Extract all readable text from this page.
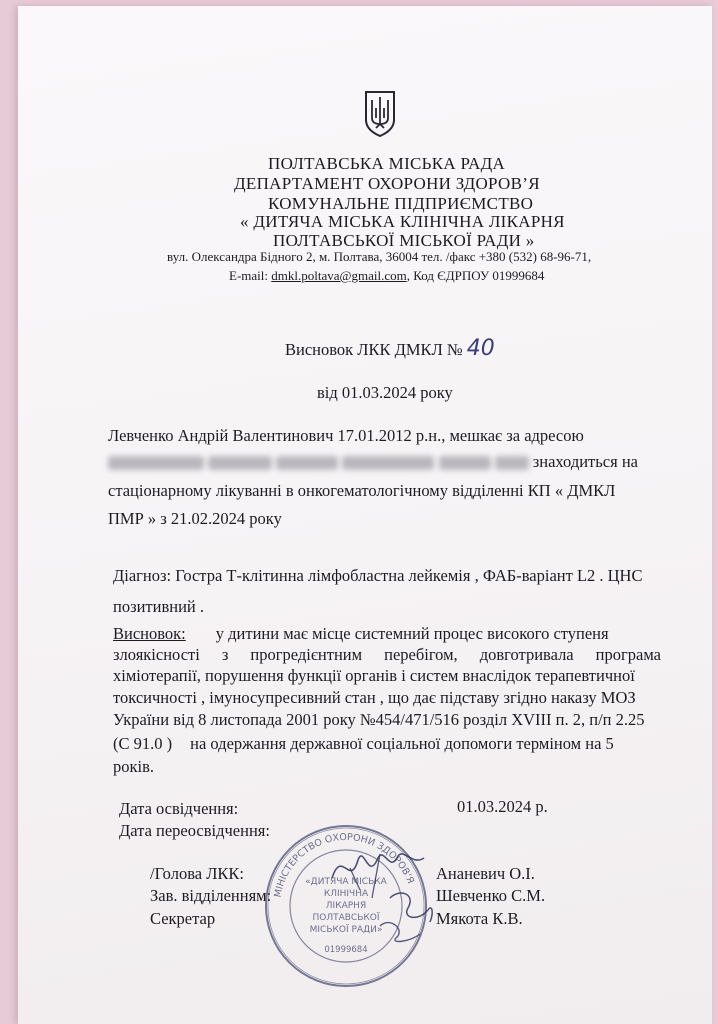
ПОЛТАВСЬКА МІСЬКА РАДА
ДЕПАРТАМЕНТ ОХОРОНИ ЗДОРОВ’Я
КОМУНАЛЬНЕ ПІДПРИЄМСТВО
« ДИТЯЧА МІСЬКА КЛІНІЧНА ЛІКАРНЯ
ПОЛТАВСЬКОЇ МІСЬКОЇ РАДИ »
вул. Олександра Бідного 2, м. Полтава, 36004 тел. /факс +380 (532) 68-96-71,
E-mail: dmkl.poltava@gmail.com, Код ЄДРПОУ 01999684
Висновок ЛКК ДМКЛ № 40
від 01.03.2024 року
Левченко Андрій Валентинович 17.01.2012 р.н., мешкає за адресою
знаходиться на
стаціонарному лікуванні в онкогематологічному відділенні КП « ДМКЛ
ПМР » з 21.02.2024 року
Діагноз: Гостра Т-клітинна лімфобластна лейкемія , ФАБ-варіант L2 . ЦНС
позитивний .
Висновок: у дитини має місце системний процес високого ступеня
злоякісності з прогредієнтним перебігом, довготривала програма
хіміотерапії, порушення функції органів і систем внаслідок терапевтичної
токсичності , імуносупресивний стан , що дає підставу згідно наказу МОЗ
України від 8 листопада 2001 року №454/471/516 розділ XVIII п. 2, п/п 2.25
(С 91.0 ) на одержання державної соціальної допомоги терміном на 5
років.
Дата освідчення:	01.03.2024 р.
Дата переосвідчення:
/Голова ЛКК:	Ананевич О.І.
Зав. відділенням:	Шевченко С.М.
Секретар	Мякота К.В.
МІНІСТЕРСТВО ОХОРОНИ ЗДОРОВ'Я
«ДИТЯЧА МІСЬКА
КЛІНІЧНА
ЛІКАРНЯ
ПОЛТАВСЬКОЇ
МІСЬКОЇ РАДИ»
01999684
